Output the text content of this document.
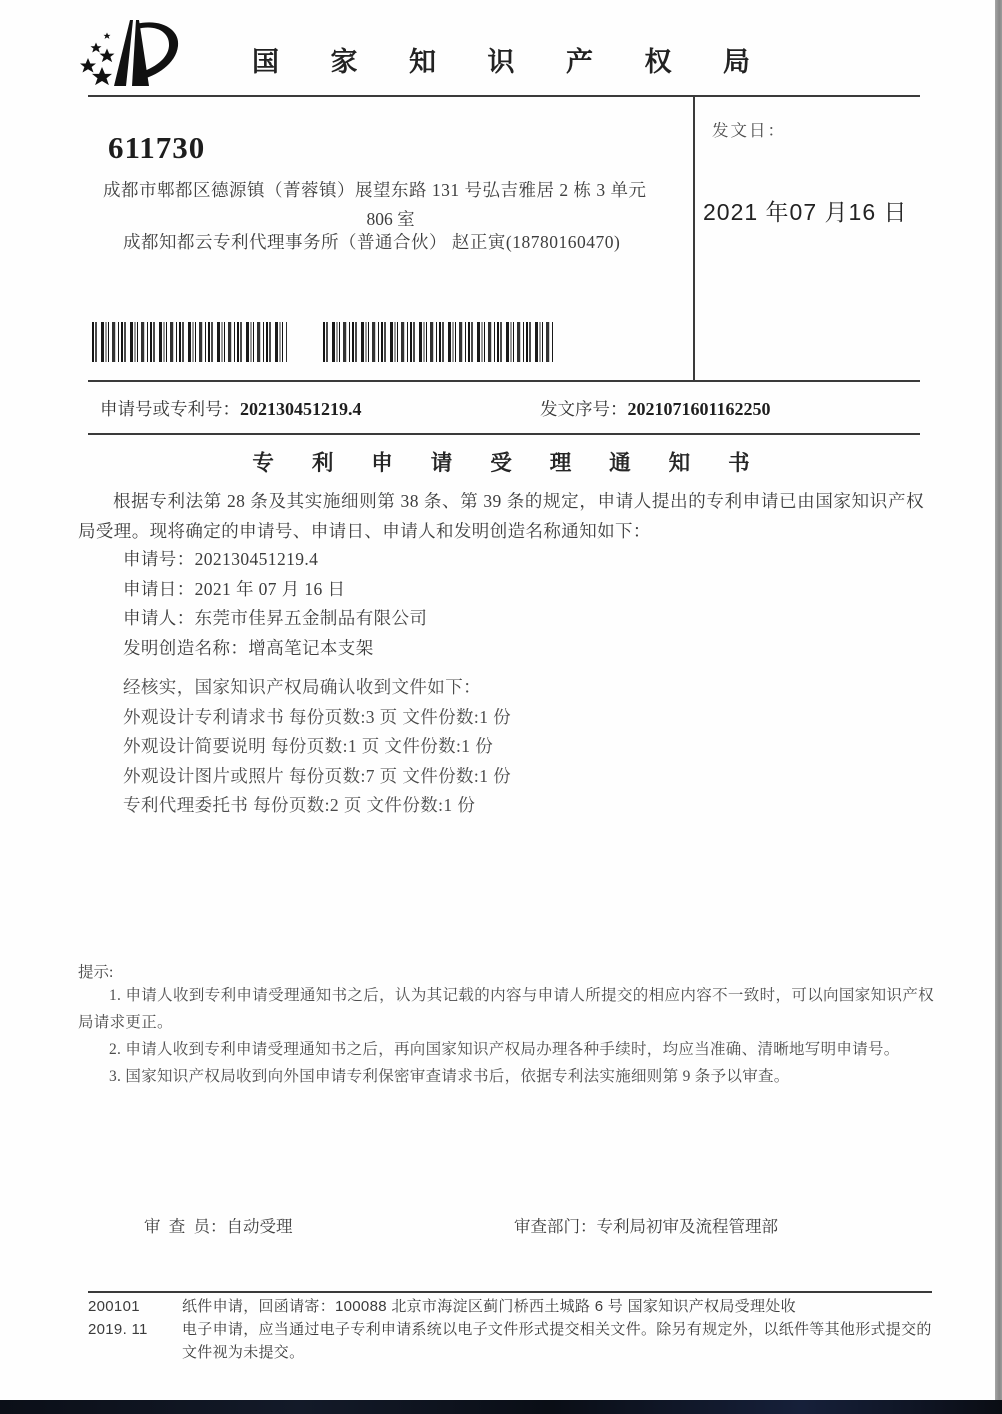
国 家 知 识 产 权 局
611730
成都市郫都区德源镇（菁蓉镇）展望东路 131 号弘吉雅居 2 栋 3 单元
806 室
成都知都云专利代理事务所（普通合伙） 赵正寅(18780160470)
发文日：
2021 年07 月16 日
申请号或专利号：202130451219.4	发文序号：2021071601162250
专 利 申 请 受 理 通 知 书

根据专利法第 28 条及其实施细则第 38 条、第 39 条的规定，申请人提出的专利申请已由国家知识产权局受理。现将确定的申请号、申请日、申请人和发明创造名称通知如下：

申请号：202130451219.4
申请日：2021 年 07 月 16 日
申请人：东莞市佳昇五金制品有限公司
发明创造名称：增高笔记本支架
经核实，国家知识产权局确认收到文件如下：
外观设计专利请求书 每份页数:3 页 文件份数:1 份
外观设计简要说明 每份页数:1 页 文件份数:1 份
外观设计图片或照片 每份页数:7 页 文件份数:1 份
专利代理委托书 每份页数:2 页 文件份数:1 份
提示:

1. 申请人收到专利申请受理通知书之后，认为其记载的内容与申请人所提交的相应内容不一致时，可以向国家知识产权局请求更正。

2. 申请人收到专利申请受理通知书之后，再向国家知识产权局办理各种手续时，均应当准确、清晰地写明申请号。

3. 国家知识产权局收到向外国申请专利保密审查请求书后，依据专利法实施细则第 9 条予以审查。

审  查  员：自动受理	审查部门：专利局初审及流程管理部
200101	纸件申请，回函请寄：100088 北京市海淀区蓟门桥西土城路 6 号 国家知识产权局受理处收
2019. 11	电子申请，应当通过电子专利申请系统以电子文件形式提交相关文件。除另有规定外，以纸件等其他形式提交的文件视为未提交。
